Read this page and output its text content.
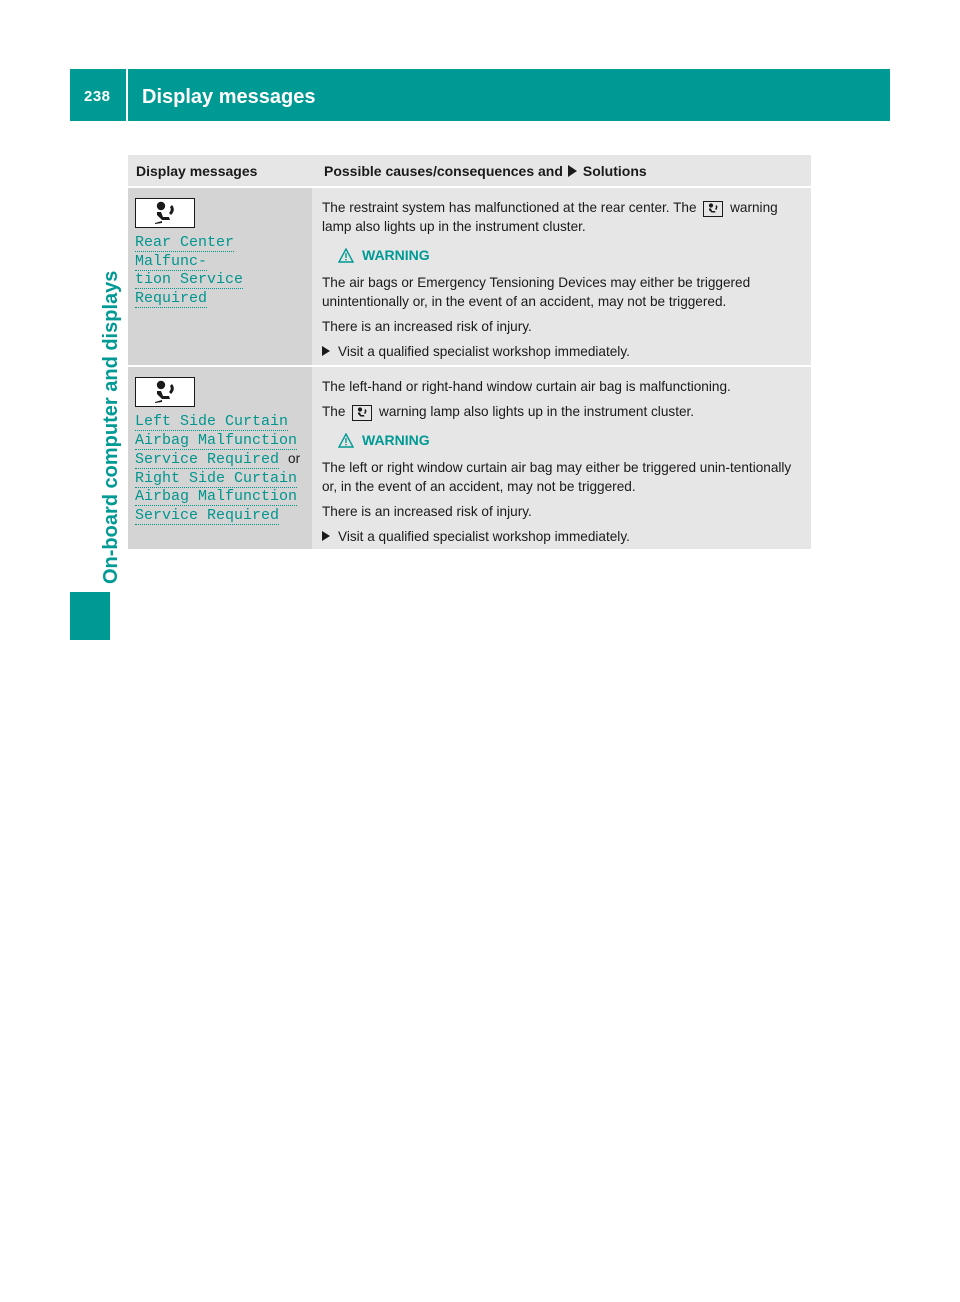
238 Display messages
On-board computer and displays
Display messages	Possible causes/consequences and Solutions
Rear Center Malfunc-
tion Service
Required

The restraint system has malfunctioned at the rear center. The warning lamp also lights up in the instrument cluster.

WARNING

The air bags or Emergency Tensioning Devices may either be triggered unintentionally or, in the event of an accident, may not be triggered.

There is an increased risk of injury.

Visit a qualified specialist workshop immediately.
Left Side Curtain
Airbag Malfunction
Service Required or
Right Side Curtain
Airbag Malfunction
Service Required

The left-hand or right-hand window curtain air bag is malfunctioning.

The warning lamp also lights up in the instrument cluster.

WARNING

The left or right window curtain air bag may either be triggered unin-tentionally or, in the event of an accident, may not be triggered.

There is an increased risk of injury.

Visit a qualified specialist workshop immediately.
